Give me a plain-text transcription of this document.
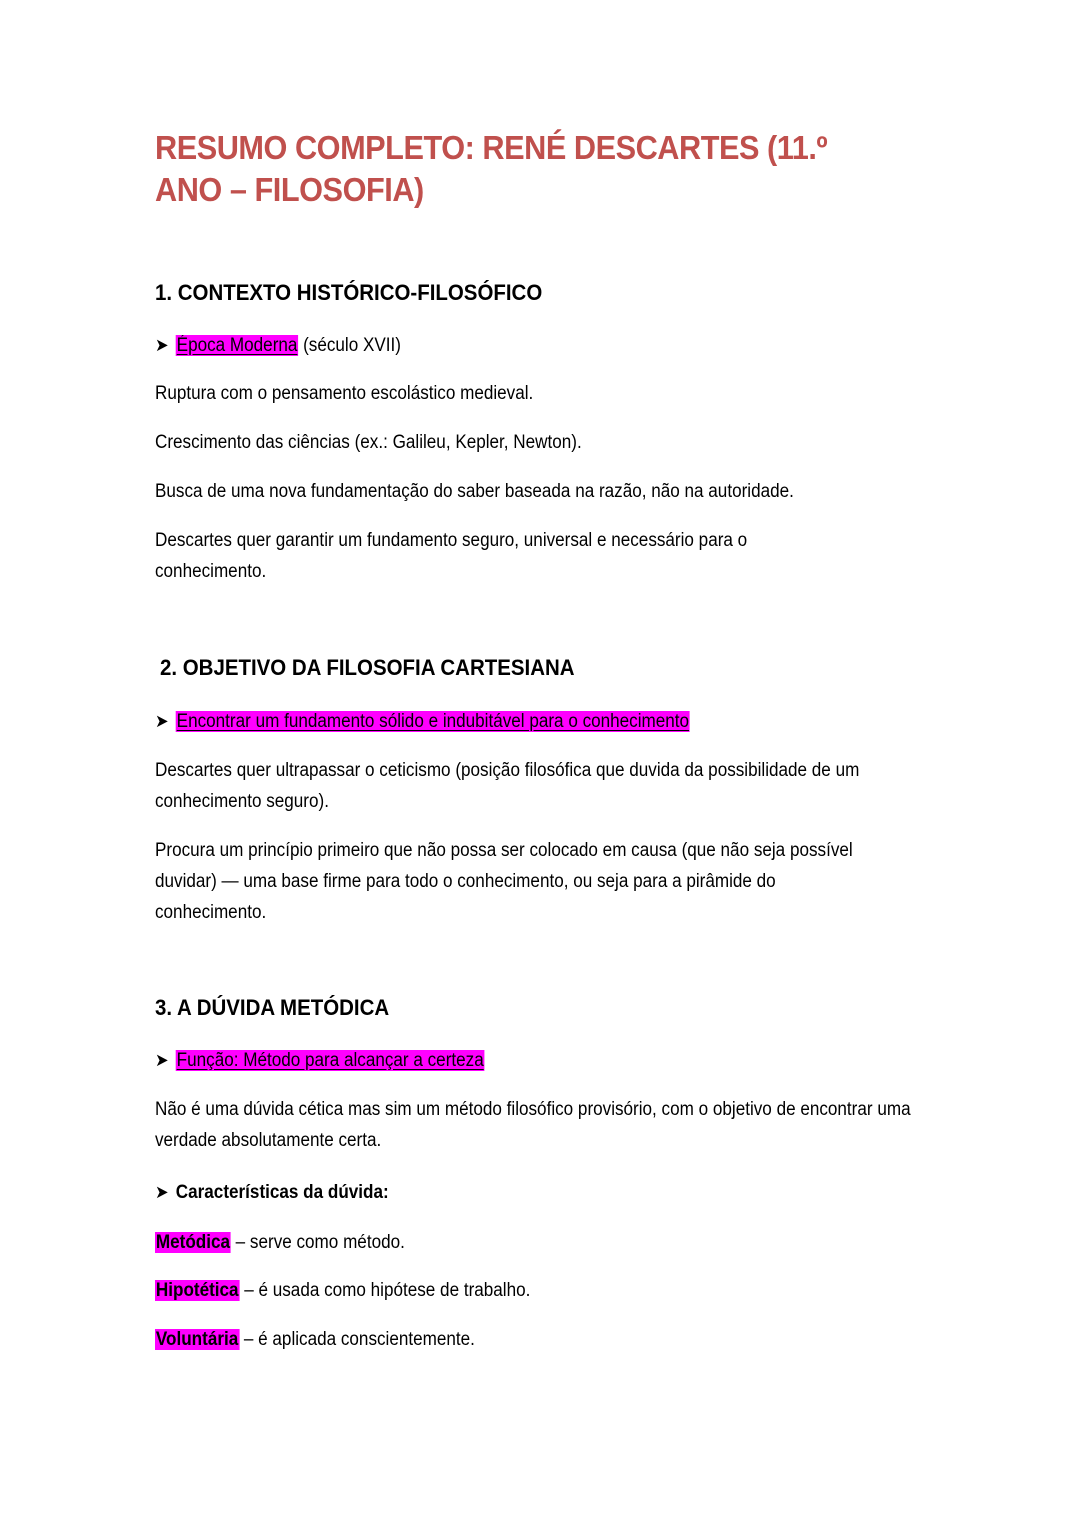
RESUMO COMPLETO: RENÉ DESCARTES (11.º ANO – FILOSOFIA)
1. CONTEXTO HISTÓRICO-FILOSÓFICO
➤ Época Moderna (século XVII)
Ruptura com o pensamento escolástico medieval.
Crescimento das ciências (ex.: Galileu, Kepler, Newton).
Busca de uma nova fundamentação do saber baseada na razão, não na autoridade.
Descartes quer garantir um fundamento seguro, universal e necessário para o conhecimento.
2. OBJETIVO DA FILOSOFIA CARTESIANA
➤ Encontrar um fundamento sólido e indubitável para o conhecimento
Descartes quer ultrapassar o ceticismo (posição filosófica que duvida da possibilidade de um conhecimento seguro).
Procura um princípio primeiro que não possa ser colocado em causa (que não seja possível duvidar) — uma base firme para todo o conhecimento, ou seja para a pirâmide do conhecimento.
3. A DÚVIDA METÓDICA
➤ Função: Método para alcançar a certeza
Não é uma dúvida cética mas sim um método filosófico provisório, com o objetivo de encontrar uma verdade absolutamente certa.
➤ Características da dúvida:
Metódica – serve como método.
Hipotética – é usada como hipótese de trabalho.
Voluntária – é aplicada conscientemente.
